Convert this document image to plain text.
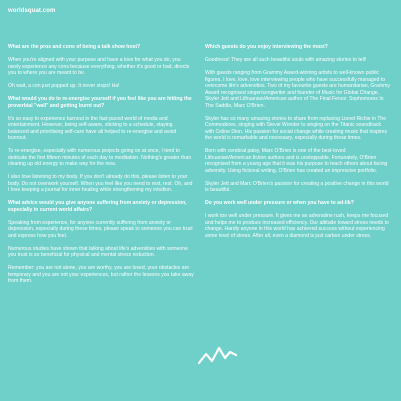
worldsquat.com

What are the pros and cons of being a talk show host?

When you're aligned with your purpose and have a love for what you do, you rarely experience any cons because everything, whether it's good or bad, directs you to where you are meant to be.

Oh wait, a con just popped up. It never stops! Ha!

What would you do to re-energise yourself if you feel like you are hitting the proverbial "wall" and getting burnt out?

It's so easy to experience burnout in the fast-paced world of media and entertainment. However, being self-aware, sticking to a schedule, staying balanced and prioritising self-care have all helped to re-energise and avoid burnout.

To re-energise, especially with numerous projects going on at once, I tend to dedicate the first fifteen minutes of each day to meditation. Nothing's greater than clearing up old energy to make way for the new.

I also love listening to my body. If you don't already do this, please listen to your body. Do not overwork yourself. When you feel like you need to rest, rest. Oh, and I love keeping a journal for inner healing while strengthening my intuition.

What advice would you give anyone suffering from anxiety or depression, especially in current world affairs?

Speaking from experience, for anyone currently suffering from anxiety or depression, especially during these times, please speak to someone you can trust and express how you feel.

Numerous studies have shown that talking about life's adversities with someone you trust is so beneficial for physical and mental stress reduction.

Remember: you are not alone, you are worthy, you are loved, your obstacles are temporary and you are not your experiences, but rather the lessons you take away from them.

Which guests do you enjoy interviewing the most?

Goodness! They are all such beautiful souls with amazing stories to tell!

With guests ranging from Grammy Award-winning artists to well-known public figures, I love, love, love interviewing people who have successfully managed to overcome life's adversities. Two of my favourite guests are humanitarian, Grammy Award recognised singer/songwriter and founder of Music for Global Change, Skyler Jett and Lithuanian/American author of The Final Fence: Sophomores In The Saddle, Marc O'Brien.

Skyler has so many amazing stories to share from replacing Lionel Richie in The Commodores, singing with Stevie Wonder to singing on the Titanic soundtrack with Celine Dion. His passion for social change while creating music that inspires the world is remarkable and necessary, especially during these times.

Born with cerebral palsy, Marc O'Brien is one of the best-loved Lithuanian/American fiction authors and is unstoppable. Fortunately, O'Brien recognised from a young age that it was his purpose to teach others about facing adversity. Using fictional writing, O'Brien has created an impressive portfolio.

Skyler Jett and Marc O'Brien's passion for creating a positive change in this world is beautiful.

Do you work well under pressure or when you have to ad-lib?

I work too well under pressure. It gives me an adrenaline rush, keeps me focused and helps me to produce increased efficiency. Our attitude toward stress needs to change. Hardly anyone in this world has achieved success without experiencing some level of stress. After all, even a diamond is just carbon under stress.
